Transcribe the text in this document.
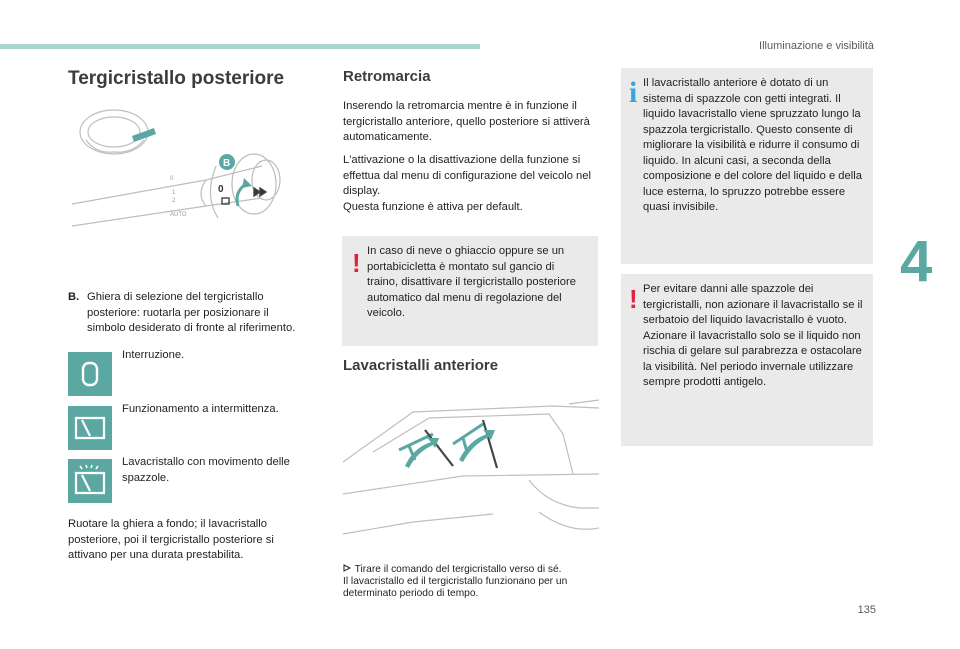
Illuminazione e visibilità
4
135
Tergicristallo posteriore
0
1
2
AUTO
0
B
B. Ghiera di selezione del tergicristallo posteriore: ruotarla per posizionare il simbolo desiderato di fronte al riferimento.
Interruzione.
Funzionamento a intermittenza.
Lavacristallo con movimento delle spazzole.
Ruotare la ghiera a fondo; il lavacristallo posteriore, poi il tergicristallo posteriore si attivano per una durata prestabilita.
Retromarcia
Inserendo la retromarcia mentre è in funzione il tergicristallo anteriore, quello posteriore si attiverà automaticamente.
L'attivazione o la disattivazione della funzione si effettua dal menu di configurazione del veicolo nel display.
Questa funzione è attiva per default.
! In caso di neve o ghiaccio oppure se un portabicicletta è montato sul gancio di traino, disattivare il tergicristallo posteriore automatico dal menu di regolazione del veicolo.
Lavacristalli anteriore
Tirare il comando del tergicristallo verso di sé.
Il lavacristallo ed il tergicristallo funzionano per un determinato periodo di tempo.
i Il lavacristallo anteriore è dotato di un sistema di spazzole con getti integrati. Il liquido lavacristallo viene spruzzato lungo la spazzola tergicristallo. Questo consente di migliorare la visibilità e ridurre il consumo di liquido. In alcuni casi, a seconda della composizione e del colore del liquido e della luce esterna, lo spruzzo potrebbe essere quasi invisibile.
! Per evitare danni alle spazzole dei tergicristalli, non azionare il lavacristallo se il serbatoio del liquido lavacristallo è vuoto. Azionare il lavacristallo solo se il liquido non rischia di gelare sul parabrezza e ostacolare la visibilità. Nel periodo invernale utilizzare sempre prodotti antigelo.
